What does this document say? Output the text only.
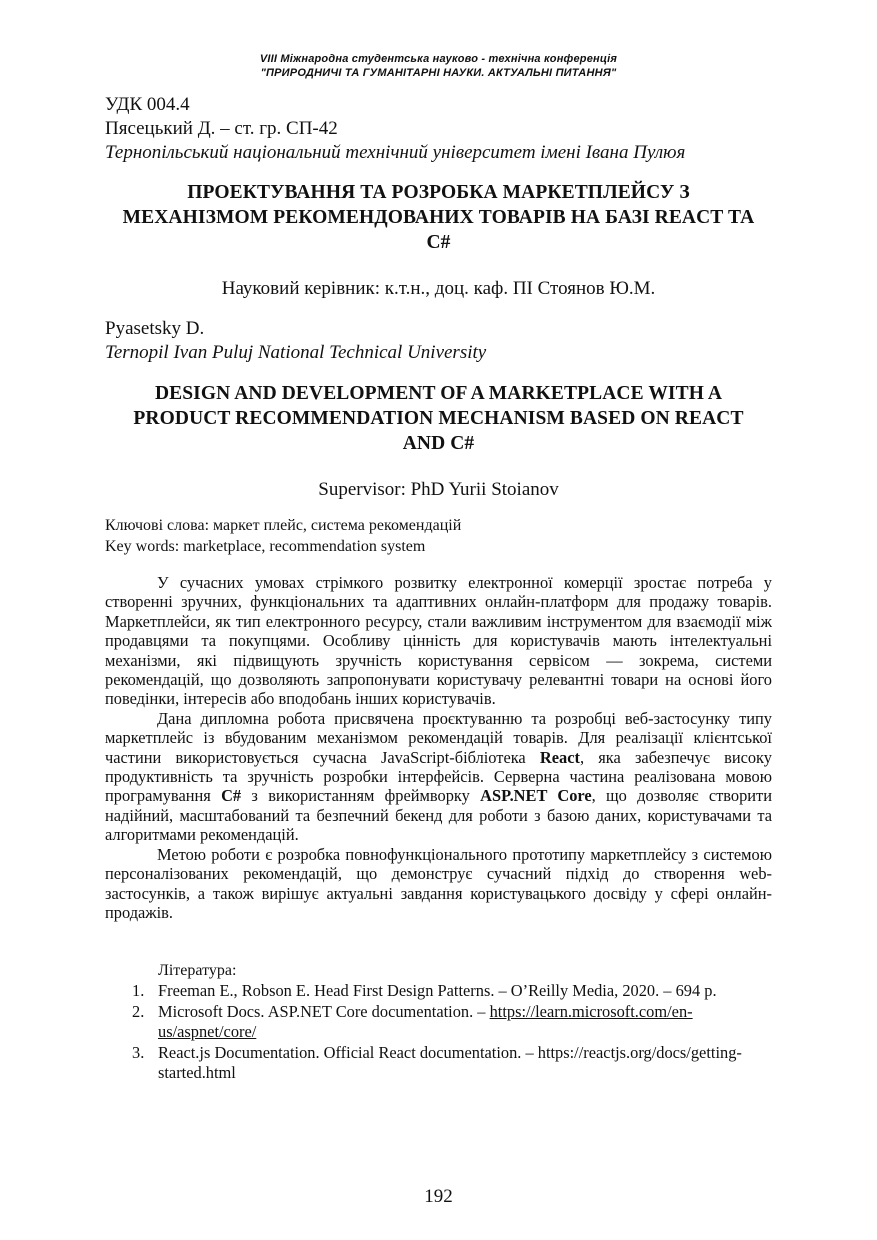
VIII Міжнародна студентська науково - технічна конференція
"ПРИРОДНИЧІ ТА ГУМАНІТАРНІ НАУКИ. АКТУАЛЬНІ ПИТАННЯ"
УДК 004.4
Пясецький Д. – ст. гр. СП-42
Тернопільський національний технічний університет імені Івана Пулюя
ПРОЕКТУВАННЯ ТА РОЗРОБКА МАРКЕТПЛЕЙСУ З
МЕХАНІЗМОМ РЕКОМЕНДОВАНИХ ТОВАРІВ НА БАЗІ REACT ТА
C#
Науковий керівник: к.т.н., доц. каф. ПІ Стоянов Ю.М.
Pyasetsky D.
Ternopil Ivan Puluj National Technical University
DESIGN AND DEVELOPMENT OF A MARKETPLACE WITH A
PRODUCT RECOMMENDATION MECHANISM BASED ON REACT
AND C#
Supervisor: PhD Yurii Stoianov
Ключові слова: маркет плейс, система рекомендацій
Key words: marketplace, recommendation system

У сучасних умовах стрімкого розвитку електронної комерції зростає потреба у створенні зручних, функціональних та адаптивних онлайн-платформ для продажу товарів. Маркетплейси, як тип електронного ресурсу, стали важливим інструментом для взаємодії між продавцями та покупцями. Особливу цінність для користувачів мають інтелектуальні механізми, які підвищують зручність користування сервісом — зокрема, системи рекомендацій, що дозволяють запропонувати користувачу релевантні товари на основі його поведінки, інтересів або вподобань інших користувачів.

Дана дипломна робота присвячена проєктуванню та розробці веб-застосунку типу маркетплейс із вбудованим механізмом рекомендацій товарів. Для реалізації клієнтської частини використовується сучасна JavaScript-бібліотека React, яка забезпечує високу продуктивність та зручність розробки інтерфейсів. Серверна частина реалізована мовою програмування C# з використанням фреймворку ASP.NET Core, що дозволяє створити надійний, масштабований та безпечний бекенд для роботи з базою даних, користувачами та алгоритмами рекомендацій.

Метою роботи є розробка повнофункціонального прототипу маркетплейсу з системою персоналізованих рекомендацій, що демонструє сучасний підхід до створення web-застосунків, а також вирішує актуальні завдання користувацького досвіду у сфері онлайн-продажів.

Література:
1. Freeman E., Robson E. Head First Design Patterns. – O’Reilly Media, 2020. – 694 p.
2. Microsoft Docs. ASP.NET Core documentation. – https://learn.microsoft.com/en-us/aspnet/core/
3. React.js Documentation. Official React documentation. – https://reactjs.org/docs/getting-started.html
192
